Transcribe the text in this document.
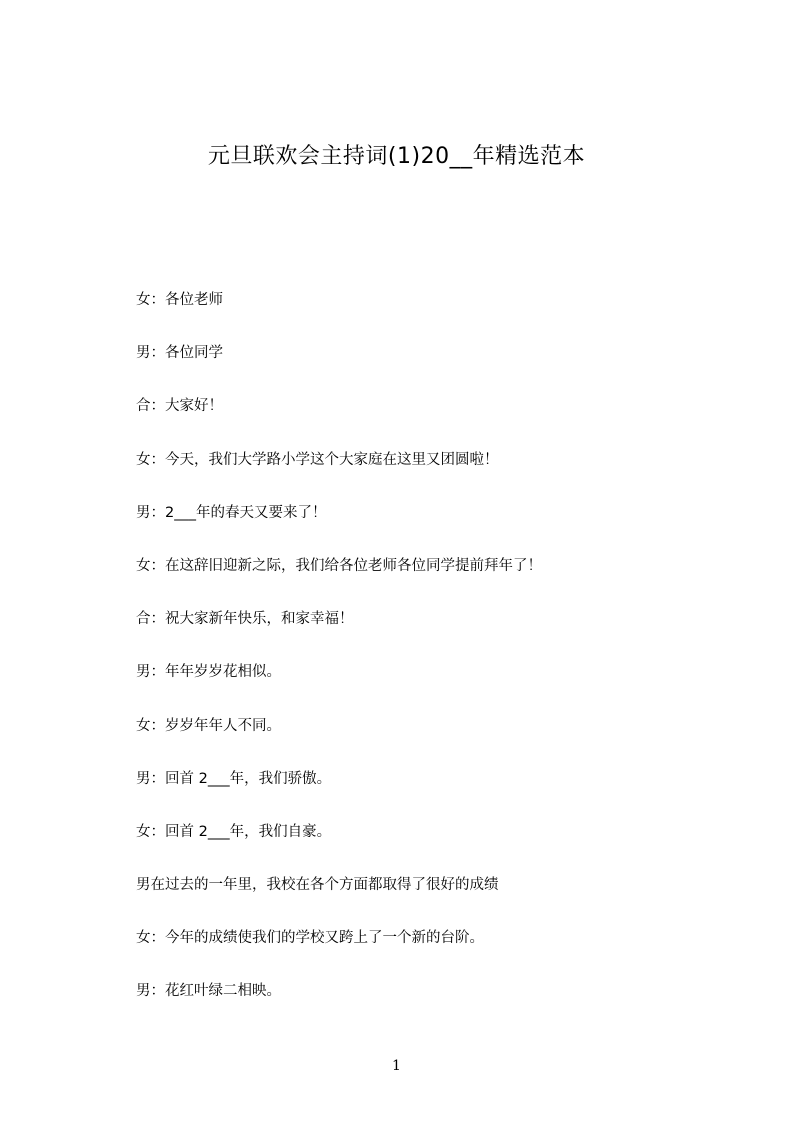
元旦联欢会主持词(1)20__年精选范本
女：各位老师
男：各位同学
合：大家好！
女：今天，我们大学路小学这个大家庭在这里又团圆啦！
男：2___年的春天又要来了！
女：在这辞旧迎新之际，我们给各位老师各位同学提前拜年了！
合：祝大家新年快乐，和家幸福！
男：年年岁岁花相似。
女：岁岁年年人不同。
男：回首 2___年，我们骄傲。
女：回首 2___年，我们自豪。
男在过去的一年里，我校在各个方面都取得了很好的成绩
女：今年的成绩使我们的学校又跨上了一个新的台阶。
男：花红叶绿二相映。
1
